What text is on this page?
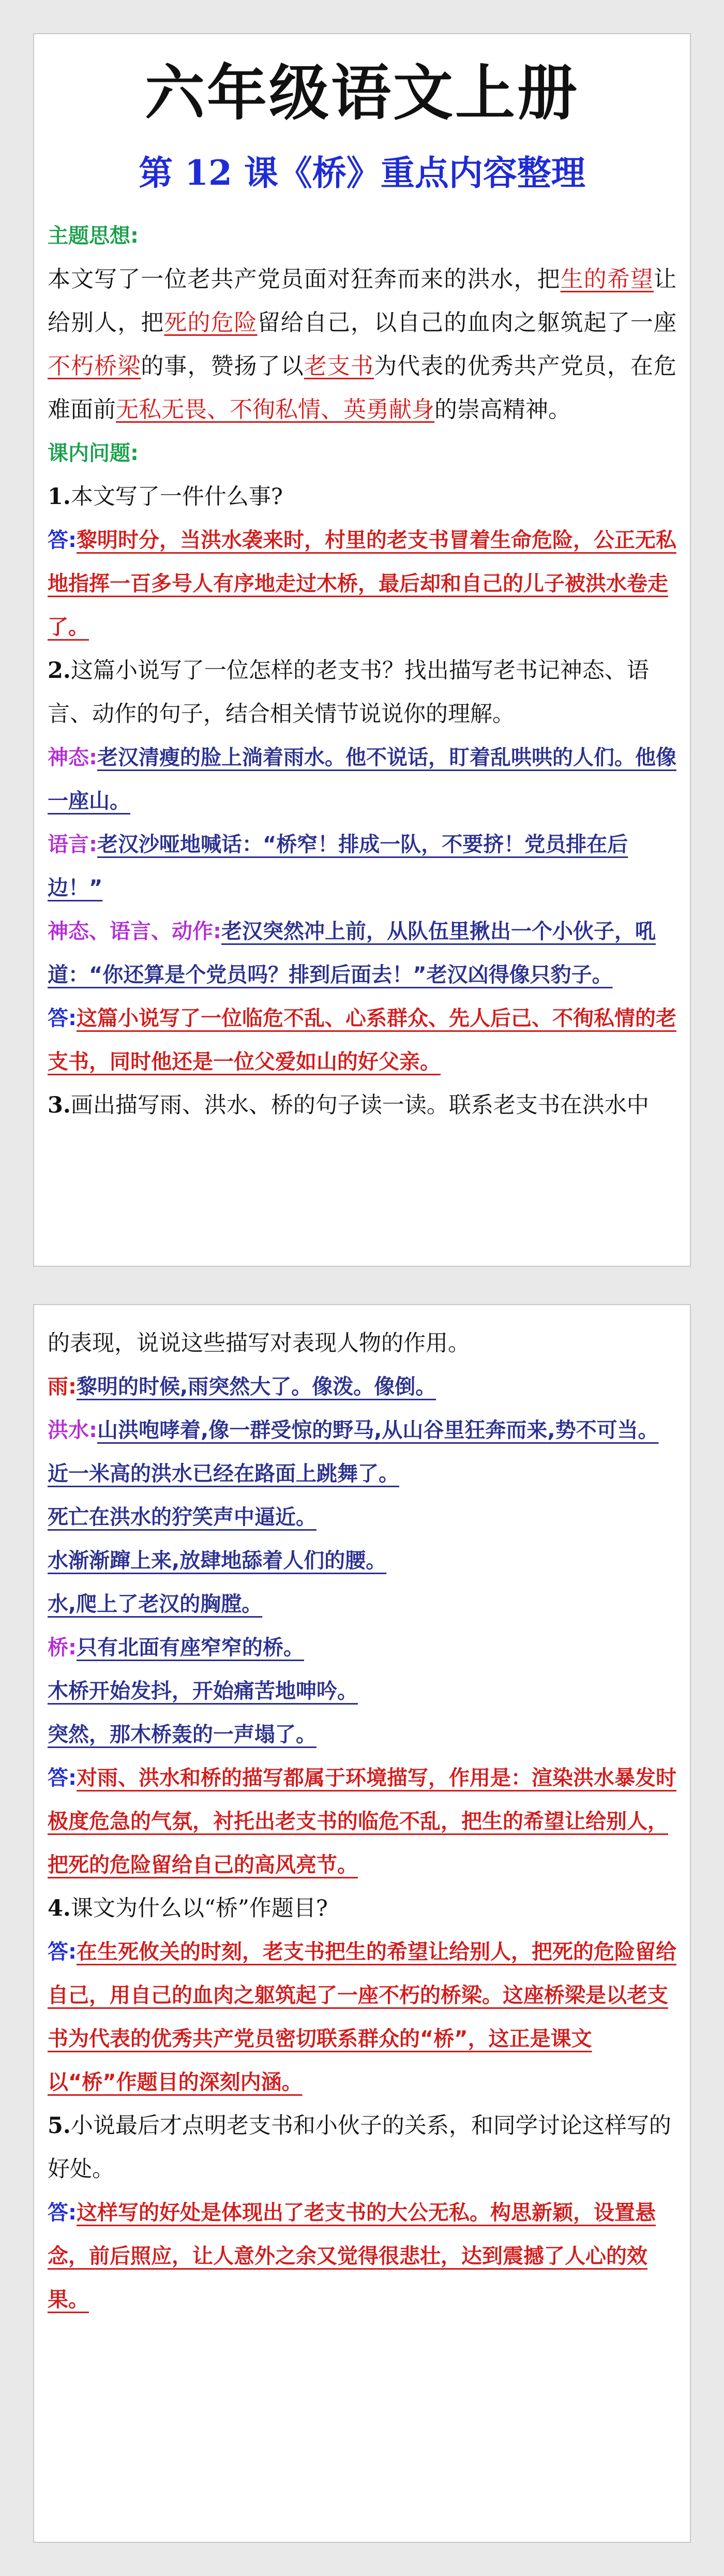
六年级语文上册
第 12 课《桥》重点内容整理
主题思想:

本文写了一位老共产党员面对狂奔而来的洪水，把生的希望让给别人，把死的危险留给自己，以自己的血肉之躯筑起了一座不朽桥梁的事，赞扬了以老支书为代表的优秀共产党员，在危难面前无私无畏、不徇私情、英勇献身的崇高精神。

课内问题:

1.本文写了一件什么事?

答:黎明时分，当洪水袭来时，村里的老支书冒着生命危险，公正无私地指挥一百多号人有序地走过木桥，最后却和自己的儿子被洪水卷走了。

2.这篇小说写了一位怎样的老支书？找出描写老书记神态、语言、动作的句子，结合相关情节说说你的理解。

神态:老汉清瘦的脸上淌着雨水。他不说话，盯着乱哄哄的人们。他像一座山。

语言:老汉沙哑地喊话：“桥窄！排成一队，不要挤！党员排在后边！”

神态、语言、动作:老汉突然冲上前，从队伍里揪出一个小伙子，吼道：“你还算是个党员吗？排到后面去！”老汉凶得像只豹子。

答:这篇小说写了一位临危不乱、心系群众、先人后己、不徇私情的老支书，同时他还是一位父爱如山的好父亲。

3.画出描写雨、洪水、桥的句子读一读。联系老支书在洪水中

的表现，说说这些描写对表现人物的作用。

雨:黎明的时候,雨突然大了。像泼。像倒。

洪水:山洪咆哮着,像一群受惊的野马,从山谷里狂奔而来,势不可当。

近一米高的洪水已经在路面上跳舞了。

死亡在洪水的狞笑声中逼近。

水渐渐蹿上来,放肆地舔着人们的腰。

水,爬上了老汉的胸膛。

桥:只有北面有座窄窄的桥。

木桥开始发抖，开始痛苦地呻吟。

突然，那木桥轰的一声塌了。

答:对雨、洪水和桥的描写都属于环境描写，作用是：渲染洪水暴发时极度危急的气氛，衬托出老支书的临危不乱，把生的希望让给别人，把死的危险留给自己的高风亮节。

4.课文为什么以“桥”作题目?

答:在生死攸关的时刻，老支书把生的希望让给别人，把死的危险留给自己，用自己的血肉之躯筑起了一座不朽的桥梁。这座桥梁是以老支书为代表的优秀共产党员密切联系群众的“桥”，这正是课文以“桥”作题目的深刻内涵。

5.小说最后才点明老支书和小伙子的关系，和同学讨论这样写的好处。

答:这样写的好处是体现出了老支书的大公无私。构思新颖，设置悬念，前后照应，让人意外之余又觉得很悲壮，达到震撼了人心的效果。
